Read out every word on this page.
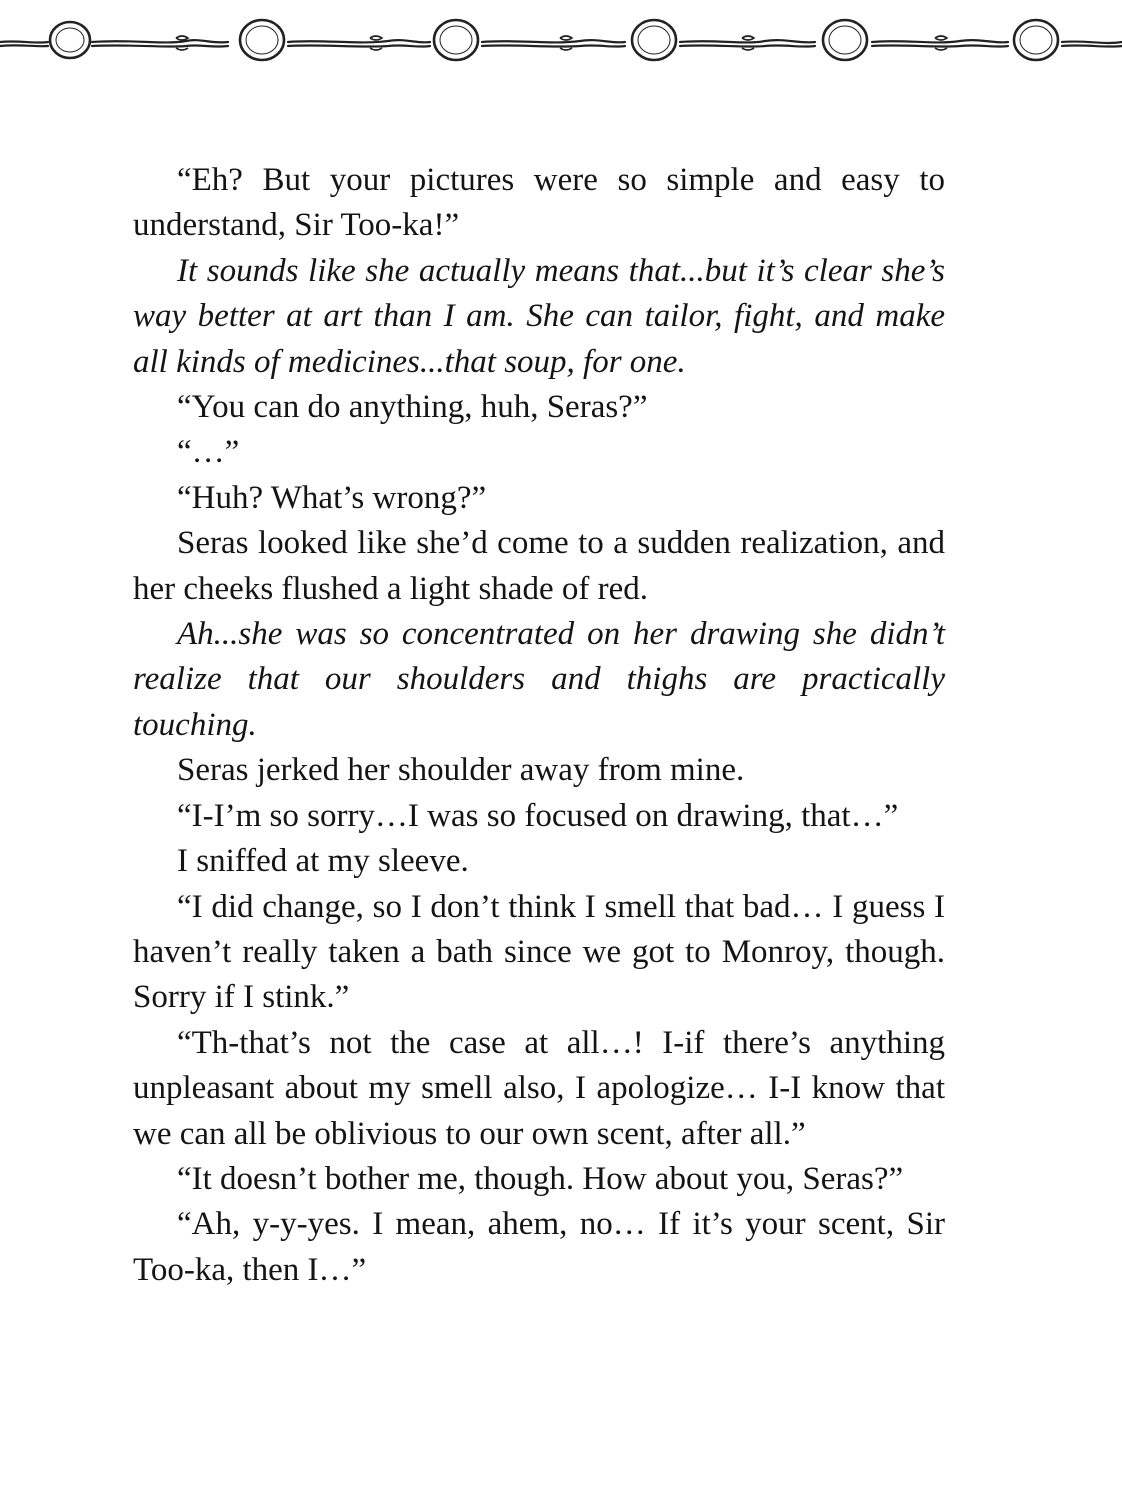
“Eh? But your pictures were so simple and easy to understand, Sir Too-ka!”

It sounds like she actually means that...but it’s clear she’s way better at art than I am. She can tailor, fight, and make all kinds of medicines...that soup, for one.

“You can do anything, huh, Seras?”

“…”

“Huh? What’s wrong?”

Seras looked like she’d come to a sudden realization, and her cheeks flushed a light shade of red.

Ah...she was so concentrated on her drawing she didn’t realize that our shoulders and thighs are practically touching.

Seras jerked her shoulder away from mine.

“I-I’m so sorry…I was so focused on drawing, that…”

I sniffed at my sleeve.

“I did change, so I don’t think I smell that bad… I guess I haven’t really taken a bath since we got to Monroy, though. Sorry if I stink.”

“Th-that’s not the case at all…! I-if there’s anything unpleasant about my smell also, I apologize… I-I know that we can all be oblivious to our own scent, after all.”

“It doesn’t bother me, though. How about you, Seras?”

“Ah, y-y-yes. I mean, ahem, no… If it’s your scent, Sir Too-ka, then I…”
